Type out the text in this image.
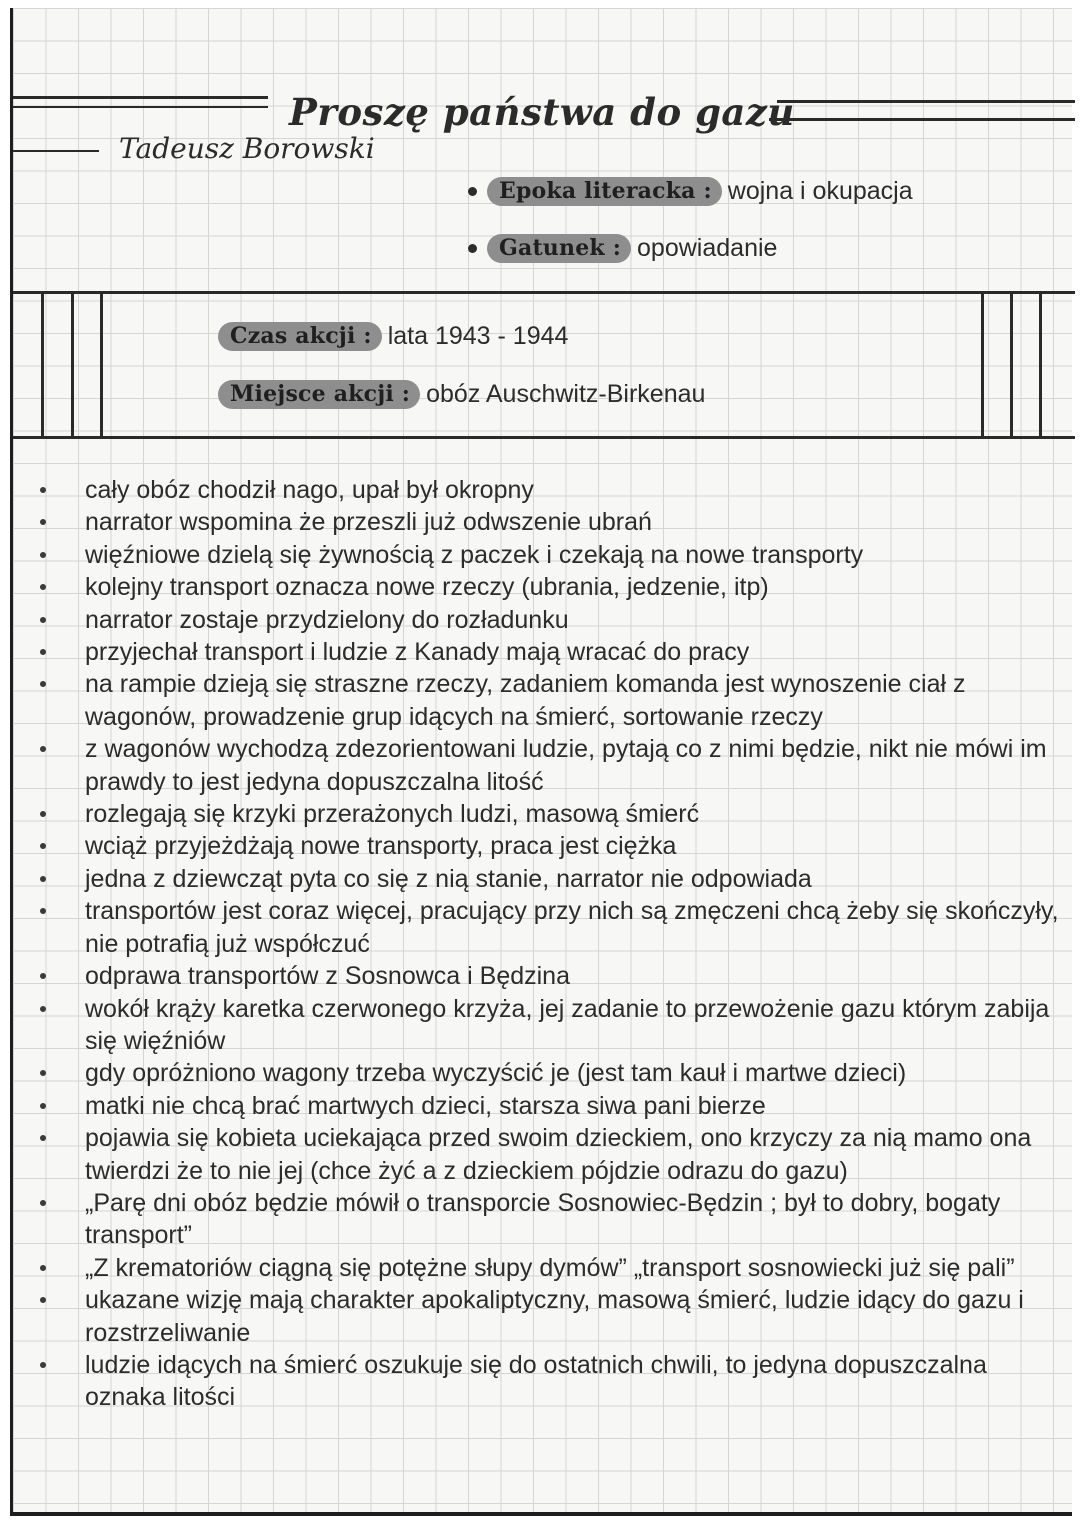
Proszę państwa do gazu
Tadeusz Borowski
Epoka literacka : wojna i okupacja
Gatunek : opowiadanie
Czas akcji : lata 1943 - 1944
Miejsce akcji : obóz Auschwitz-Birkenau
cały obóz chodził nago, upał był okropny
narrator wspomina że przeszli już odwszenie ubrań
więźniowe dzielą się żywnością z paczek i czekają na nowe transporty
kolejny transport oznacza nowe rzeczy (ubrania, jedzenie, itp)
narrator zostaje przydzielony do rozładunku
przyjechał transport i ludzie z Kanady mają wracać do pracy
na rampie dzieją się straszne rzeczy, zadaniem komanda jest wynoszenie ciał z wagonów, prowadzenie grup idących na śmierć, sortowanie rzeczy
z wagonów wychodzą zdezorientowani ludzie, pytają co z nimi będzie, nikt nie mówi im prawdy to jest jedyna dopuszczalna litość
rozlegają się krzyki przerażonych ludzi, masową śmierć
wciąż przyjeżdżają nowe transporty, praca jest ciężka
jedna z dziewcząt pyta co się z nią stanie, narrator nie odpowiada
transportów jest coraz więcej, pracujący przy nich są zmęczeni chcą żeby się skończyły, nie potrafią już współczuć
odprawa transportów z Sosnowca i Będzina
wokół krąży karetka czerwonego krzyża, jej zadanie to przewożenie gazu którym zabija się więźniów
gdy opróżniono wagony trzeba wyczyścić je (jest tam kauł i martwe dzieci)
matki nie chcą brać martwych dzieci, starsza siwa pani bierze
pojawia się kobieta uciekająca przed swoim dzieckiem, ono krzyczy za nią mamo ona twierdzi że to nie jej (chce żyć a z dzieckiem pójdzie odrazu do gazu)
„Parę dni obóz będzie mówił o transporcie Sosnowiec-Będzin ; był to dobry, bogaty transport”
„Z krematoriów ciągną się potężne słupy dymów” „transport sosnowiecki już się pali”
ukazane wizję mają charakter apokaliptyczny, masową śmierć, ludzie idący do gazu i rozstrzeliwanie
ludzie idących na śmierć oszukuje się do ostatnich chwili, to jedyna dopuszczalna oznaka litości
